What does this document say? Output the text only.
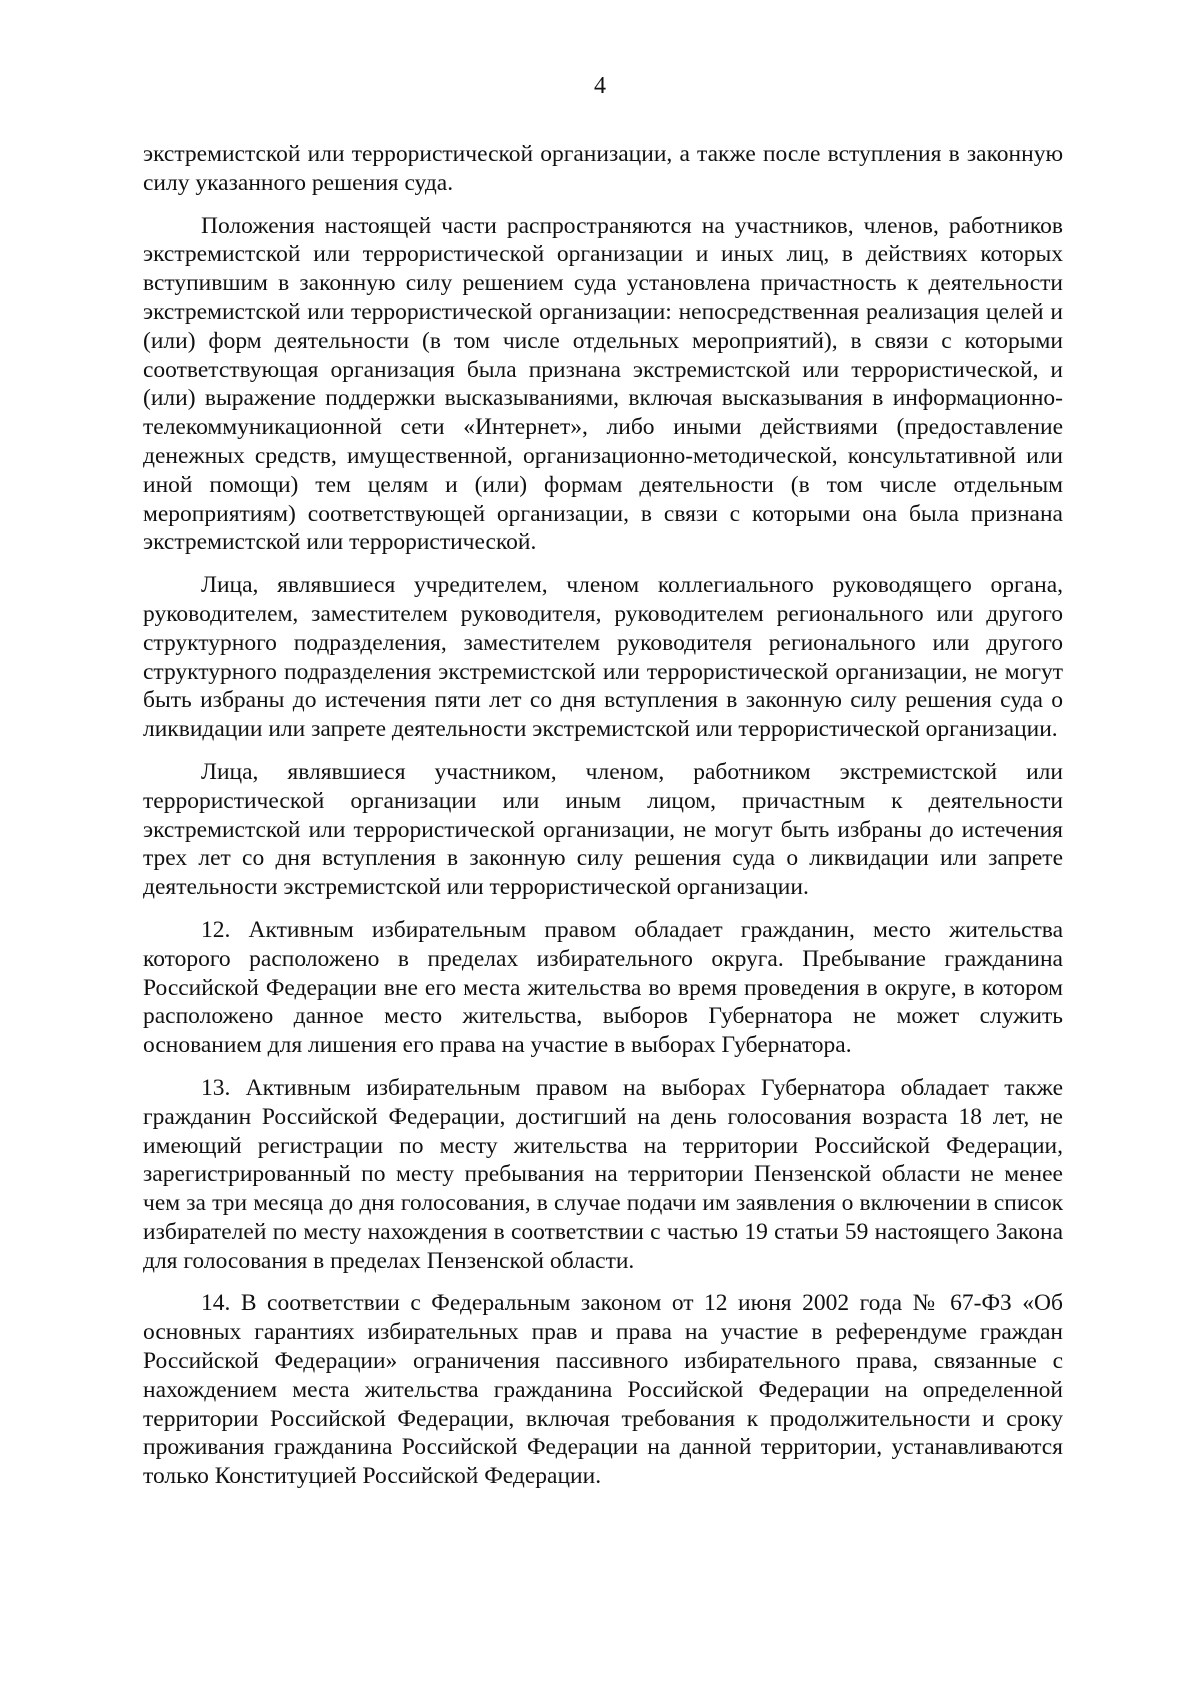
4

экстремистской или террористической организации, а также после вступления в законную силу указанного решения суда.

Положения настоящей части распространяются на участников, членов, работников экстремистской или террористической организации и иных лиц, в действиях которых вступившим в законную силу решением суда установлена причастность к деятельности экстремистской или террористической организации: непосредственная реализация целей и (или) форм деятельности (в том числе отдельных мероприятий), в связи с которыми соответствующая организация была признана экстремистской или террористической, и (или) выражение поддержки высказываниями, включая высказывания в информационно-телекоммуникационной сети «Интернет», либо иными действиями (предоставление денежных средств, имущественной, организационно-методической, консультативной или иной помощи) тем целям и (или) формам деятельности (в том числе отдельным мероприятиям) соответствующей организации, в связи с которыми она была признана экстремистской или террористической.

Лица, являвшиеся учредителем, членом коллегиального руководящего органа, руководителем, заместителем руководителя, руководителем регионального или другого структурного подразделения, заместителем руководителя регионального или другого структурного подразделения экстремистской или террористической организации, не могут быть избраны до истечения пяти лет со дня вступления в законную силу решения суда о ликвидации или запрете деятельности экстремистской или террористической организации.

Лица, являвшиеся участником, членом, работником экстремистской или террористической организации или иным лицом, причастным к деятельности экстремистской или террористической организации, не могут быть избраны до истечения трех лет со дня вступления в законную силу решения суда о ликвидации или запрете деятельности экстремистской или террористической организации.

12. Активным избирательным правом обладает гражданин, место жительства которого расположено в пределах избирательного округа. Пребывание гражданина Российской Федерации вне его места жительства во время проведения в округе, в котором расположено данное место жительства, выборов Губернатора не может служить основанием для лишения его права на участие в выборах Губернатора.

13. Активным избирательным правом на выборах Губернатора обладает также гражданин Российской Федерации, достигший на день голосования возраста 18 лет, не имеющий регистрации по месту жительства на территории Российской Федерации, зарегистрированный по месту пребывания на территории Пензенской области не менее чем за три месяца до дня голосования, в случае подачи им заявления о включении в список избирателей по месту нахождения в соответствии с частью 19 статьи 59 настоящего Закона для голосования в пределах Пензенской области.

14. В соответствии с Федеральным законом от 12 июня 2002 года № 67-ФЗ «Об основных гарантиях избирательных прав и права на участие в референдуме граждан Российской Федерации» ограничения пассивного избирательного права, связанные с нахождением места жительства гражданина Российской Федерации на определенной территории Российской Федерации, включая требования к продолжительности и сроку проживания гражданина Российской Федерации на данной территории, устанавливаются только Конституцией Российской Федерации.
